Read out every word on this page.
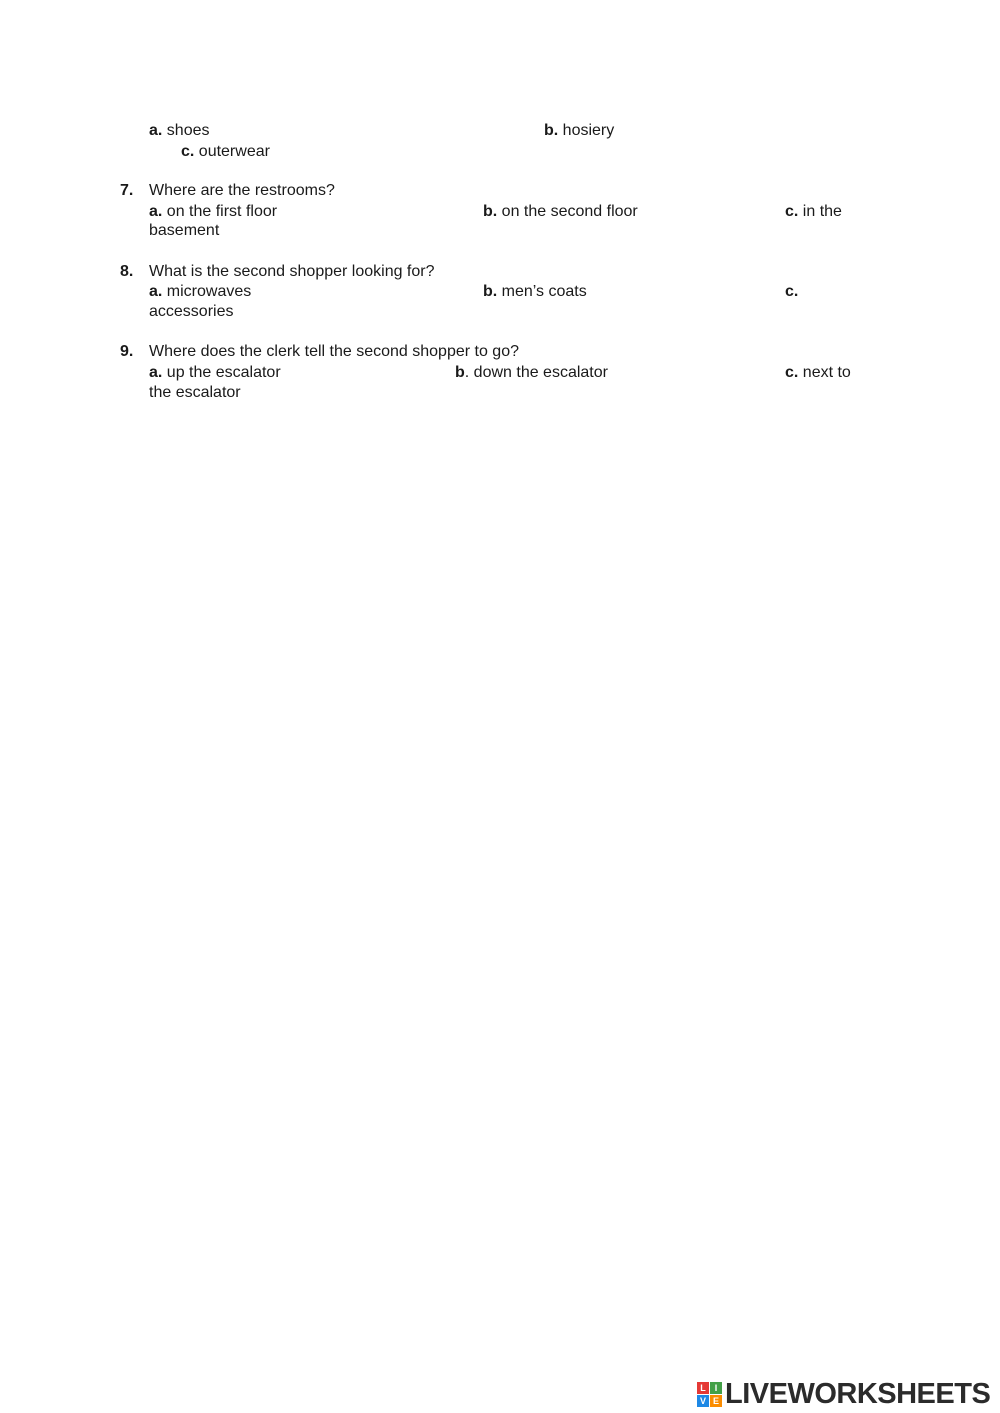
a. shoes	b. hosiery
c. outerwear
7. Where are the restrooms?
a. on the first floor	b. on the second floor	c. in the
basement
8. What is the second shopper looking for?
a. microwaves	b. men’s coats	c.
accessories
9. Where does the clerk tell the second shopper to go?
a. up the escalator	b. down the escalator	c. next to
the escalator
L I
V E LIVEWORKSHEETS
